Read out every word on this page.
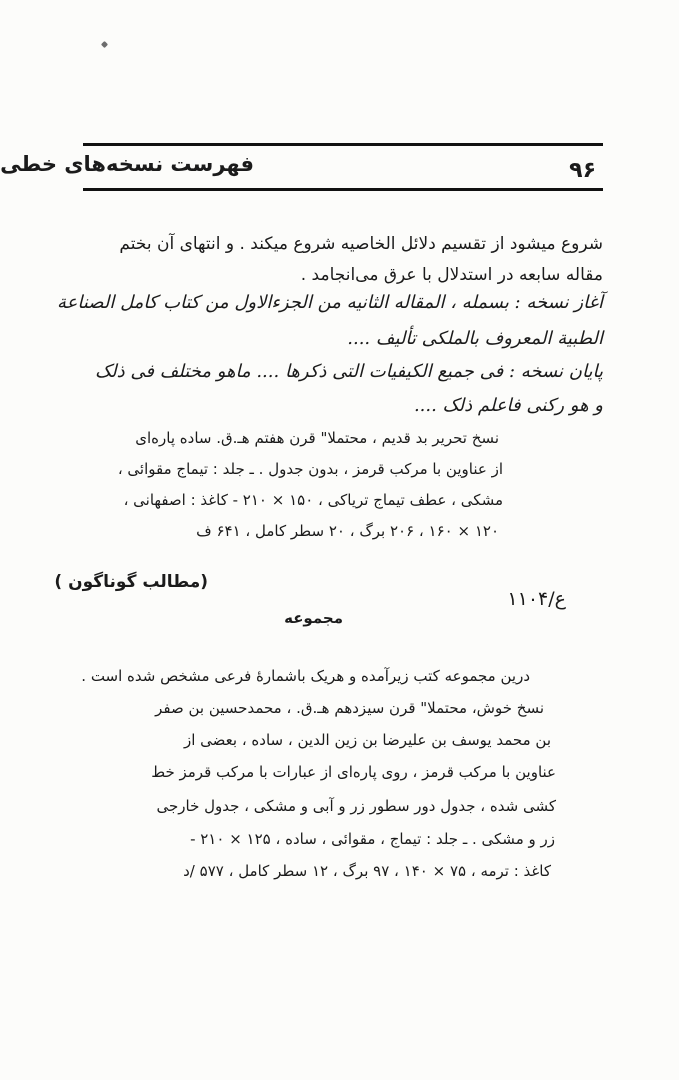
فهرست نسخه‌های خطی	۹۶
شروع میشود از تقسیم دلائل الخاصیه شروع میکند . و انتهای آن بختم
مقاله سابعه در استدلال با عرق می‌انجامد .
آغاز نسخه : بسمله ، المقاله الثانیه من الجزءالاول من کتاب کامل الصناعة
الطبیة المعروف بالملکی تألیف ....
پایان نسخه : فی جمیع الکیفیات التی ذکرها .... ماهو مختلف فی ذلک
و هو رکنی فاعلم ذلک ....
نسخ تحریر بد قدیم ، محتملا" قرن هفتم هـ.ق. ساده پاره‌ای
از عناوین با مرکب قرمز ، بدون جدول . ـ جلد : تیماج مقوائی ،
مشکی ، عطف تیماج تریاکی ، ۱۵۰ × ۲۱۰ - کاغذ : اصفهانی ،
۱۲۰ × ۱۶۰ ، ۲۰۶ برگ ، ۲۰ سطر کامل ، ۶۴۱ ف
(مطالب گوناگون )
ع/۱۱۰۴
مجموعه
درین مجموعه کتب زیرآمده و هریک باشماره‌ٔ فرعی مشخص شده است .
نسخ خوش، محتملا" قرن سیزدهم هـ.ق. ، محمدحسین بن صفر
بن محمد یوسف بن علیرضا بن زین الدین ، ساده ، بعضی از
عناوین با مرکب قرمز ، روی پاره‌ای از عبارات با مرکب قرمز خط
کشی شده ، جدول دور سطور زر و آبی و مشکی ، جدول خارجی
زر و مشکی . ـ جلد : تیماج ، مقوائی ، ساده ، ۱۲۵ × ۲۱۰ -
کاغذ : ترمه ، ۷۵ × ۱۴۰ ، ۹۷ برگ ، ۱۲ سطر کامل ، ۵۷۷ /د
